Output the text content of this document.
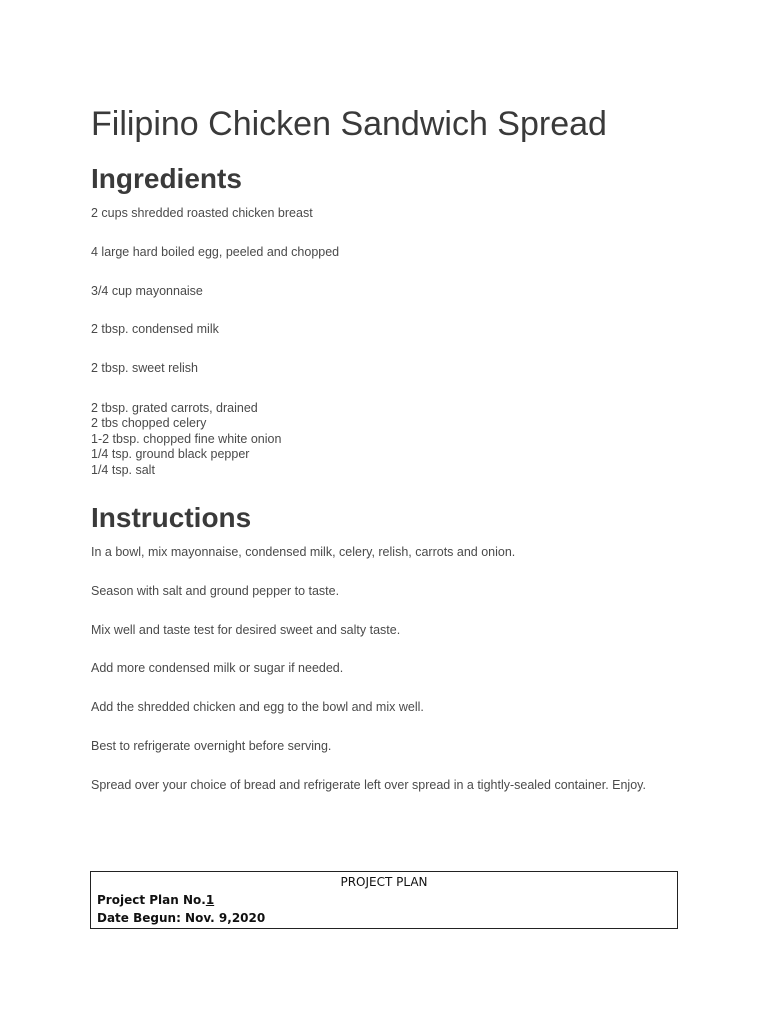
Filipino Chicken Sandwich Spread
Ingredients

2 cups shredded roasted chicken breast

4 large hard boiled egg, peeled and chopped

3/4 cup mayonnaise

2 tbsp. condensed milk

2 tbsp. sweet relish

2 tbsp. grated carrots, drained

2 tbs chopped celery

1-2 tbsp. chopped fine white onion

1/4 tsp. ground black pepper

1/4 tsp. salt

Instructions

In a bowl, mix mayonnaise, condensed milk, celery, relish, carrots and onion.

Season with salt and ground pepper to taste.

Mix well and taste test for desired sweet and salty taste.

Add more condensed milk or sugar if needed.

Add the shredded chicken and egg to the bowl and mix well.

Best to refrigerate overnight before serving.

Spread over your choice of bread and refrigerate left over spread in a tightly-sealed container. Enjoy.

PROJECT PLAN
Project Plan No.1
Date Begun: Nov. 9,2020
